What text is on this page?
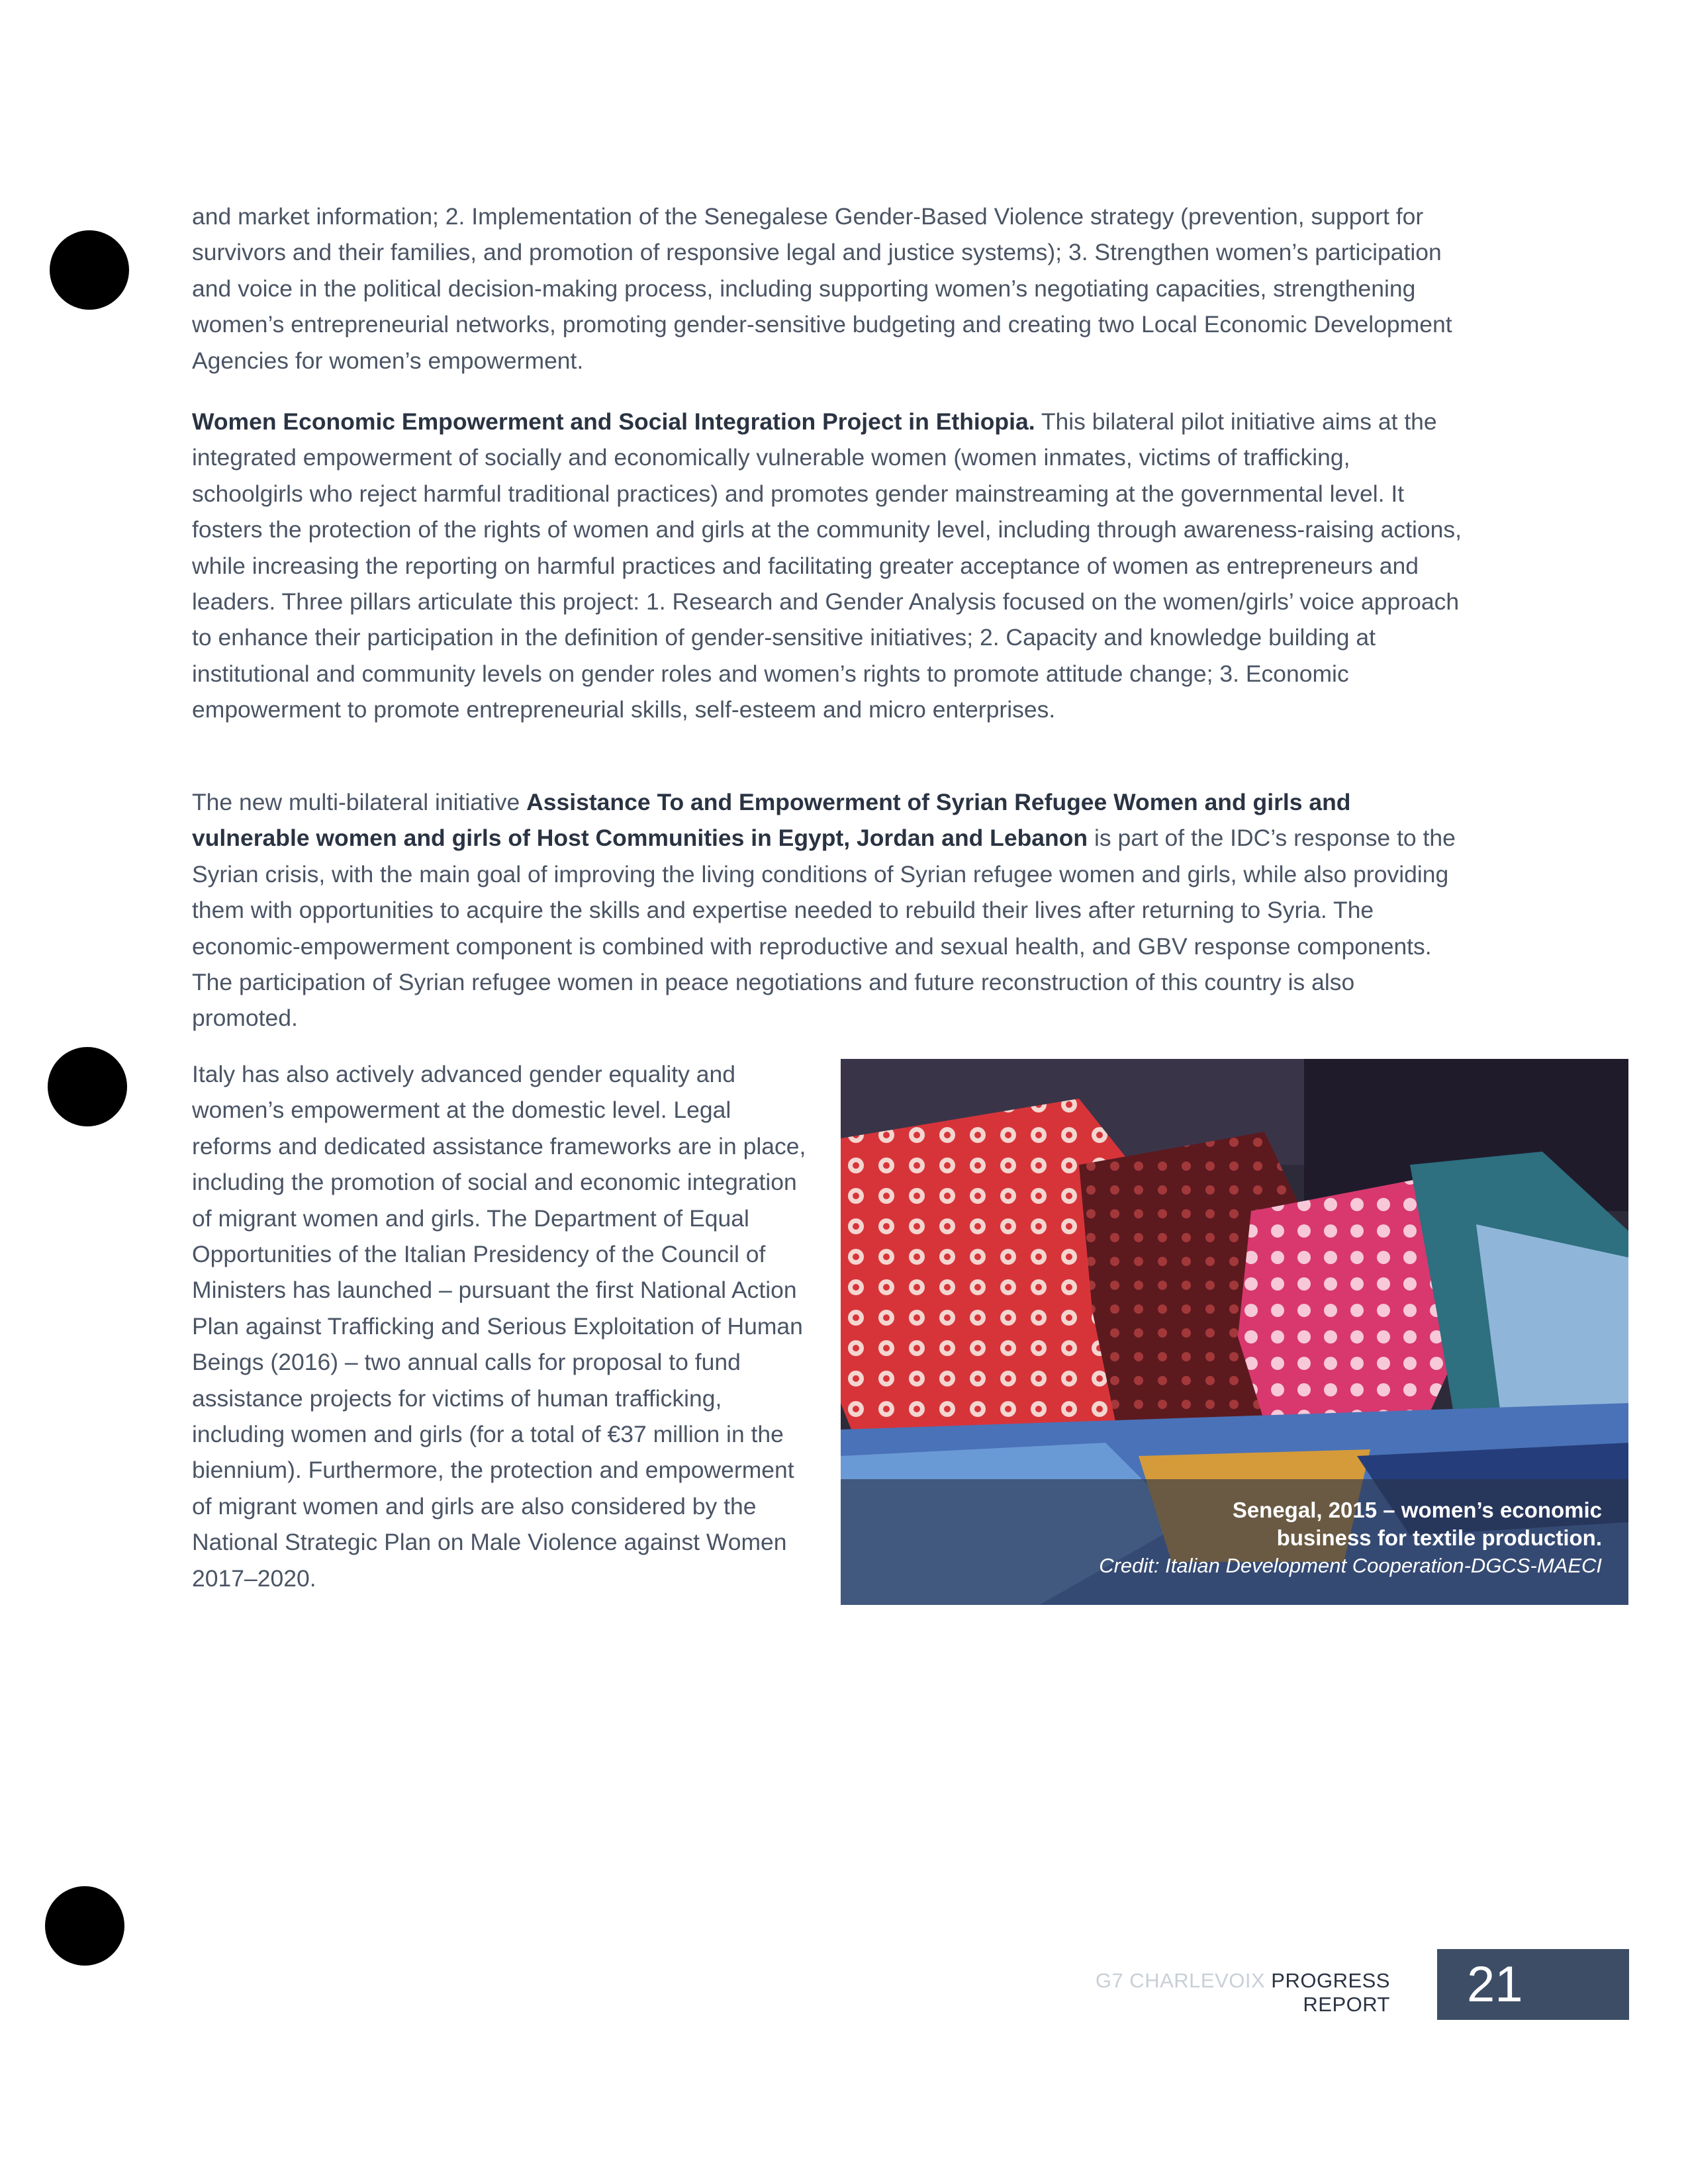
and market information; 2. Implementation of the Senegalese Gender-Based Violence strategy (prevention, support for survivors and their families, and promotion of responsive legal and justice systems); 3. Strengthen women’s participation and voice in the political decision-making process, including supporting women’s negotiating capacities, strengthening women’s entrepreneurial networks, promoting gender-sensitive budgeting and creating two Local Economic Development Agencies for women’s empowerment.

Women Economic Empowerment and Social Integration Project in Ethiopia. This bilateral pilot initiative aims at the integrated empowerment of socially and economically vulnerable women (women inmates, victims of trafficking, schoolgirls who reject harmful traditional practices) and promotes gender mainstreaming at the governmental level. It fosters the protection of the rights of women and girls at the community level, including through awareness-raising actions, while increasing the reporting on harmful practices and facilitating greater acceptance of women as entrepreneurs and leaders. Three pillars articulate this project: 1. Research and Gender Analysis focused on the women/girls’ voice approach to enhance their participation in the definition of gender-sensitive initiatives; 2. Capacity and knowledge building at institutional and community levels on gender roles and women’s rights to promote attitude change; 3. Economic empowerment to promote entrepreneurial skills, self-esteem and micro enterprises.

The new multi-bilateral initiative Assistance To and Empowerment of Syrian Refugee Women and girls and vulnerable women and girls of Host Communities in Egypt, Jordan and Lebanon is part of the IDC’s response to the Syrian crisis, with the main goal of improving the living conditions of Syrian refugee women and girls, while also providing them with opportunities to acquire the skills and expertise needed to rebuild their lives after returning to Syria. The economic-empowerment component is combined with reproductive and sexual health, and GBV response components. The participation of Syrian refugee women in peace negotiations and future reconstruction of this country is also promoted.

Italy has also actively advanced gender equality and women’s empowerment at the domestic level. Legal reforms and dedicated assistance frameworks are in place, including the promotion of social and economic integration of migrant women and girls. The Department of Equal Opportunities of the Italian Presidency of the Council of Ministers has launched – pursuant the first National Action Plan against Trafficking and Serious Exploitation of Human Beings (2016) – two annual calls for proposal to fund assistance projects for victims of human trafficking, including women and girls (for a total of €37 million in the biennium). Furthermore, the protection and empowerment of migrant women and girls are also considered by the National Strategic Plan on Male Violence against Women 2017–2020.

Senegal, 2015 – women’s economic

business for textile production.

Credit: Italian Development Cooperation-DGCS-MAECI

G7 CHARLEVOIX PROGRESS REPORT	21
